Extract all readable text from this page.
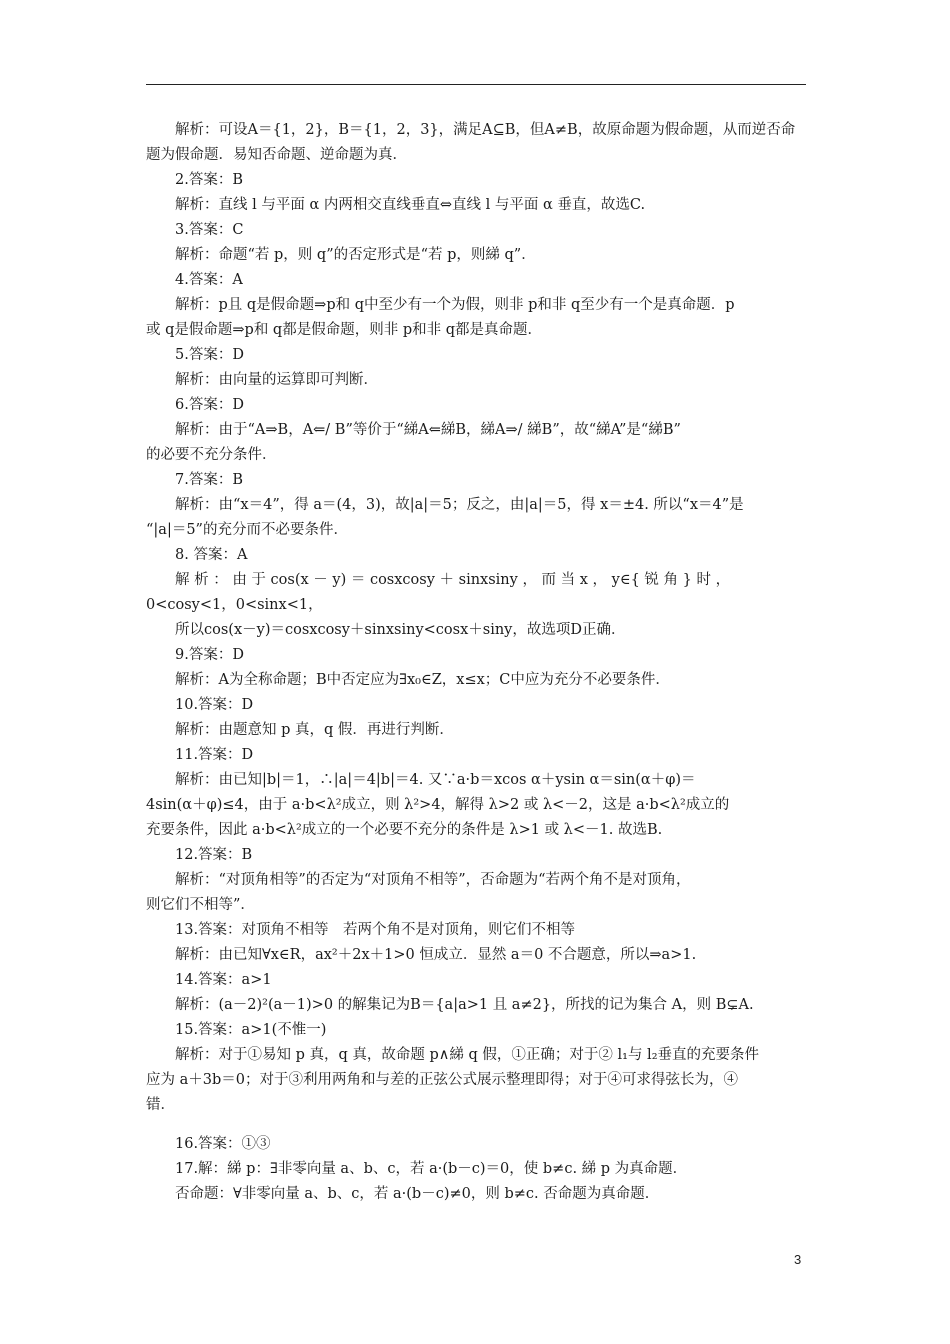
解析：可设A＝{1，2}，B＝{1，2，3}，满足A⊆B，但A≠B，故原命题为假命题，从而逆否命
题为假命题．易知否命题、逆命题为真．
2.答案：B
解析：直线 l 与平面 α 内两相交直线垂直⇔直线 l 与平面 α 垂直，故选C.
3.答案：C
解析：命题“若 p，则 q”的否定形式是“若 p，则綈 q”．
4.答案：A
解析：p且 q是假命题⇒p和 q中至少有一个为假，则非 p和非 q至少有一个是真命题．p
或 q是假命题⇒p和 q都是假命题，则非 p和非 q都是真命题．
5.答案：D
解析：由向量的运算即可判断．
6.答案：D
解析：由于“A⇒B，A⇐/ B”等价于“綈A⇐綈B，綈A⇒/ 綈B”，故“綈A”是“綈B”
的必要不充分条件．
7.答案：B
解析：由“x＝4”，得 a＝(4，3)，故|a|＝5；反之，由|a|＝5，得 x＝±4. 所以“x＝4”是
“|a|＝5”的充分而不必要条件．
8. 答案：A
解 析 ： 由 于 cos(x － y) ＝ cosxcosy ＋ sinxsiny ， 而 当 x ， y∈{ 锐 角 } 时 ，
0<cosy<1，0<sinx<1，
所以cos(x－y)＝cosxcosy＋sinxsiny<cosx＋siny，故选项D正确．
9.答案：D
解析：A为全称命题；B中否定应为∃x₀∈Z，x≤x；C中应为充分不必要条件．
10.答案：D
解析：由题意知 p 真，q 假．再进行判断．
11.答案：D
解析：由已知|b|＝1，∴|a|＝4|b|＝4. 又∵a·b＝xcos α＋ysin α＝sin(α＋φ)＝
4sin(α＋φ)≤4，由于 a·b<λ²成立，则 λ²>4，解得 λ>2 或 λ<－2，这是 a·b<λ²成立的
充要条件，因此 a·b<λ²成立的一个必要不充分的条件是 λ>1 或 λ<－1. 故选B.
12.答案：B
解析：“对顶角相等”的否定为“对顶角不相等”，否命题为“若两个角不是对顶角，
则它们不相等”．
13.答案：对顶角不相等　若两个角不是对顶角，则它们不相等
解析：由已知∀x∈R，ax²＋2x＋1>0 恒成立．显然 a＝0 不合题意，所以⇒a>1.
14.答案：a>1
解析：(a－2)²(a－1)>0 的解集记为B＝{a|a>1 且 a≠2}，所找的记为集合 A，则 B⊊A.
15.答案：a>1(不惟一)
解析：对于①易知 p 真，q 真，故命题 p∧綈 q 假，①正确；对于② l₁与 l₂垂直的充要条件
应为 a＋3b＝0；对于③利用两角和与差的正弦公式展示整理即得；对于④可求得弦长为，④
错．
16.答案：①③
17.解：綈 p：∃非零向量 a、b、c，若 a·(b－c)＝0，使 b≠c. 綈 p 为真命题．
否命题：∀非零向量 a、b、c，若 a·(b－c)≠0，则 b≠c. 否命题为真命题．
3
